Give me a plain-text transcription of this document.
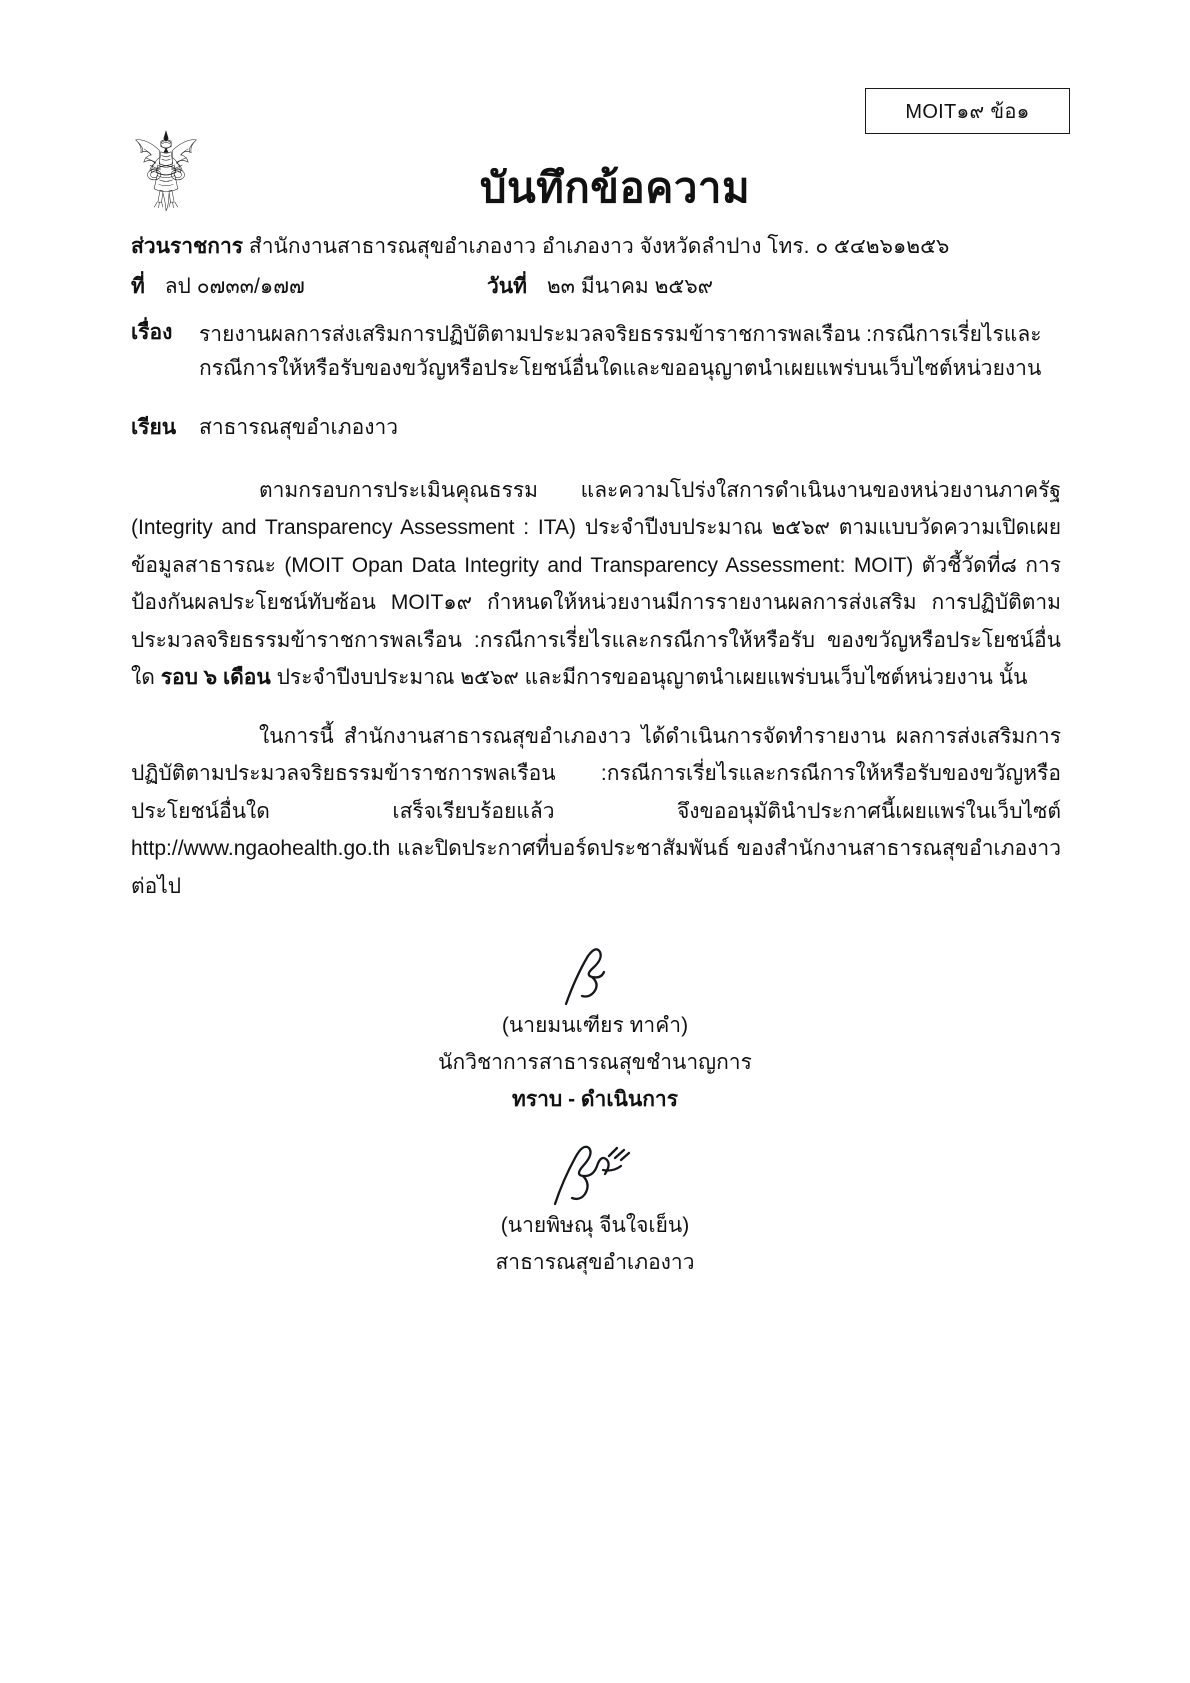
MOIT๑๙ ข้อ๑
บันทึกข้อความ
ส่วนราชการ สำนักงานสาธารณสุขอำเภองาว อำเภองาว จังหวัดลำปาง โทร. ๐ ๕๔๒๖๑๒๕๖
ที่ ลป ๐๗๓๓/๑๗๗	วันที่ ๒๓ มีนาคม ๒๕๖๙
เรื่อง รายงานผลการส่งเสริมการปฏิบัติตามประมวลจริยธรรมข้าราชการพลเรือน :กรณีการเรี่ยไรและกรณีการให้หรือรับของขวัญหรือประโยชน์อื่นใดและขออนุญาตนำเผยแพร่บนเว็บไซต์หน่วยงาน
เรียน สาธารณสุขอำเภองาว
ตามกรอบการประเมินคุณธรรม และความโปร่งใสการดำเนินงานของหน่วยงานภาครัฐ (Integrity and Transparency Assessment : ITA) ประจำปีงบประมาณ ๒๕๖๙ ตามแบบวัดความเปิดเผยข้อมูลสาธารณะ (MOIT Opan Data Integrity and Transparency Assessment: MOIT) ตัวชี้วัดที่๘ การป้องกันผลประโยชน์ทับซ้อน MOIT๑๙ กำหนดให้หน่วยงานมีการรายงานผลการส่งเสริม การปฏิบัติตามประมวลจริยธรรมข้าราชการพลเรือน :กรณีการเรี่ยไรและกรณีการให้หรือรับ ของขวัญหรือประโยชน์อื่นใด รอบ ๖ เดือน ประจำปีงบประมาณ ๒๕๖๙ และมีการขออนุญาตนำเผยแพร่บนเว็บไซต์หน่วยงาน นั้น
ในการนี้ สำนักงานสาธารณสุขอำเภองาว ได้ดำเนินการจัดทำรายงาน ผลการส่งเสริมการปฏิบัติตามประมวลจริยธรรมข้าราชการพลเรือน :กรณีการเรี่ยไรและกรณีการให้หรือรับของขวัญหรือประโยชน์อื่นใด เสร็จเรียบร้อยแล้ว จึงขออนุมัตินำประกาศนี้เผยแพร่ในเว็บไซต์ http://www.ngaohealth.go.th และปิดประกาศที่บอร์ดประชาสัมพันธ์ ของสำนักงานสาธารณสุขอำเภองาว ต่อไป
(นายมนเฑียร ทาคำ)
นักวิชาการสาธารณสุขชำนาญการ
ทราบ - ดำเนินการ
(นายพิษณุ จีนใจเย็น)
สาธารณสุขอำเภองาว
